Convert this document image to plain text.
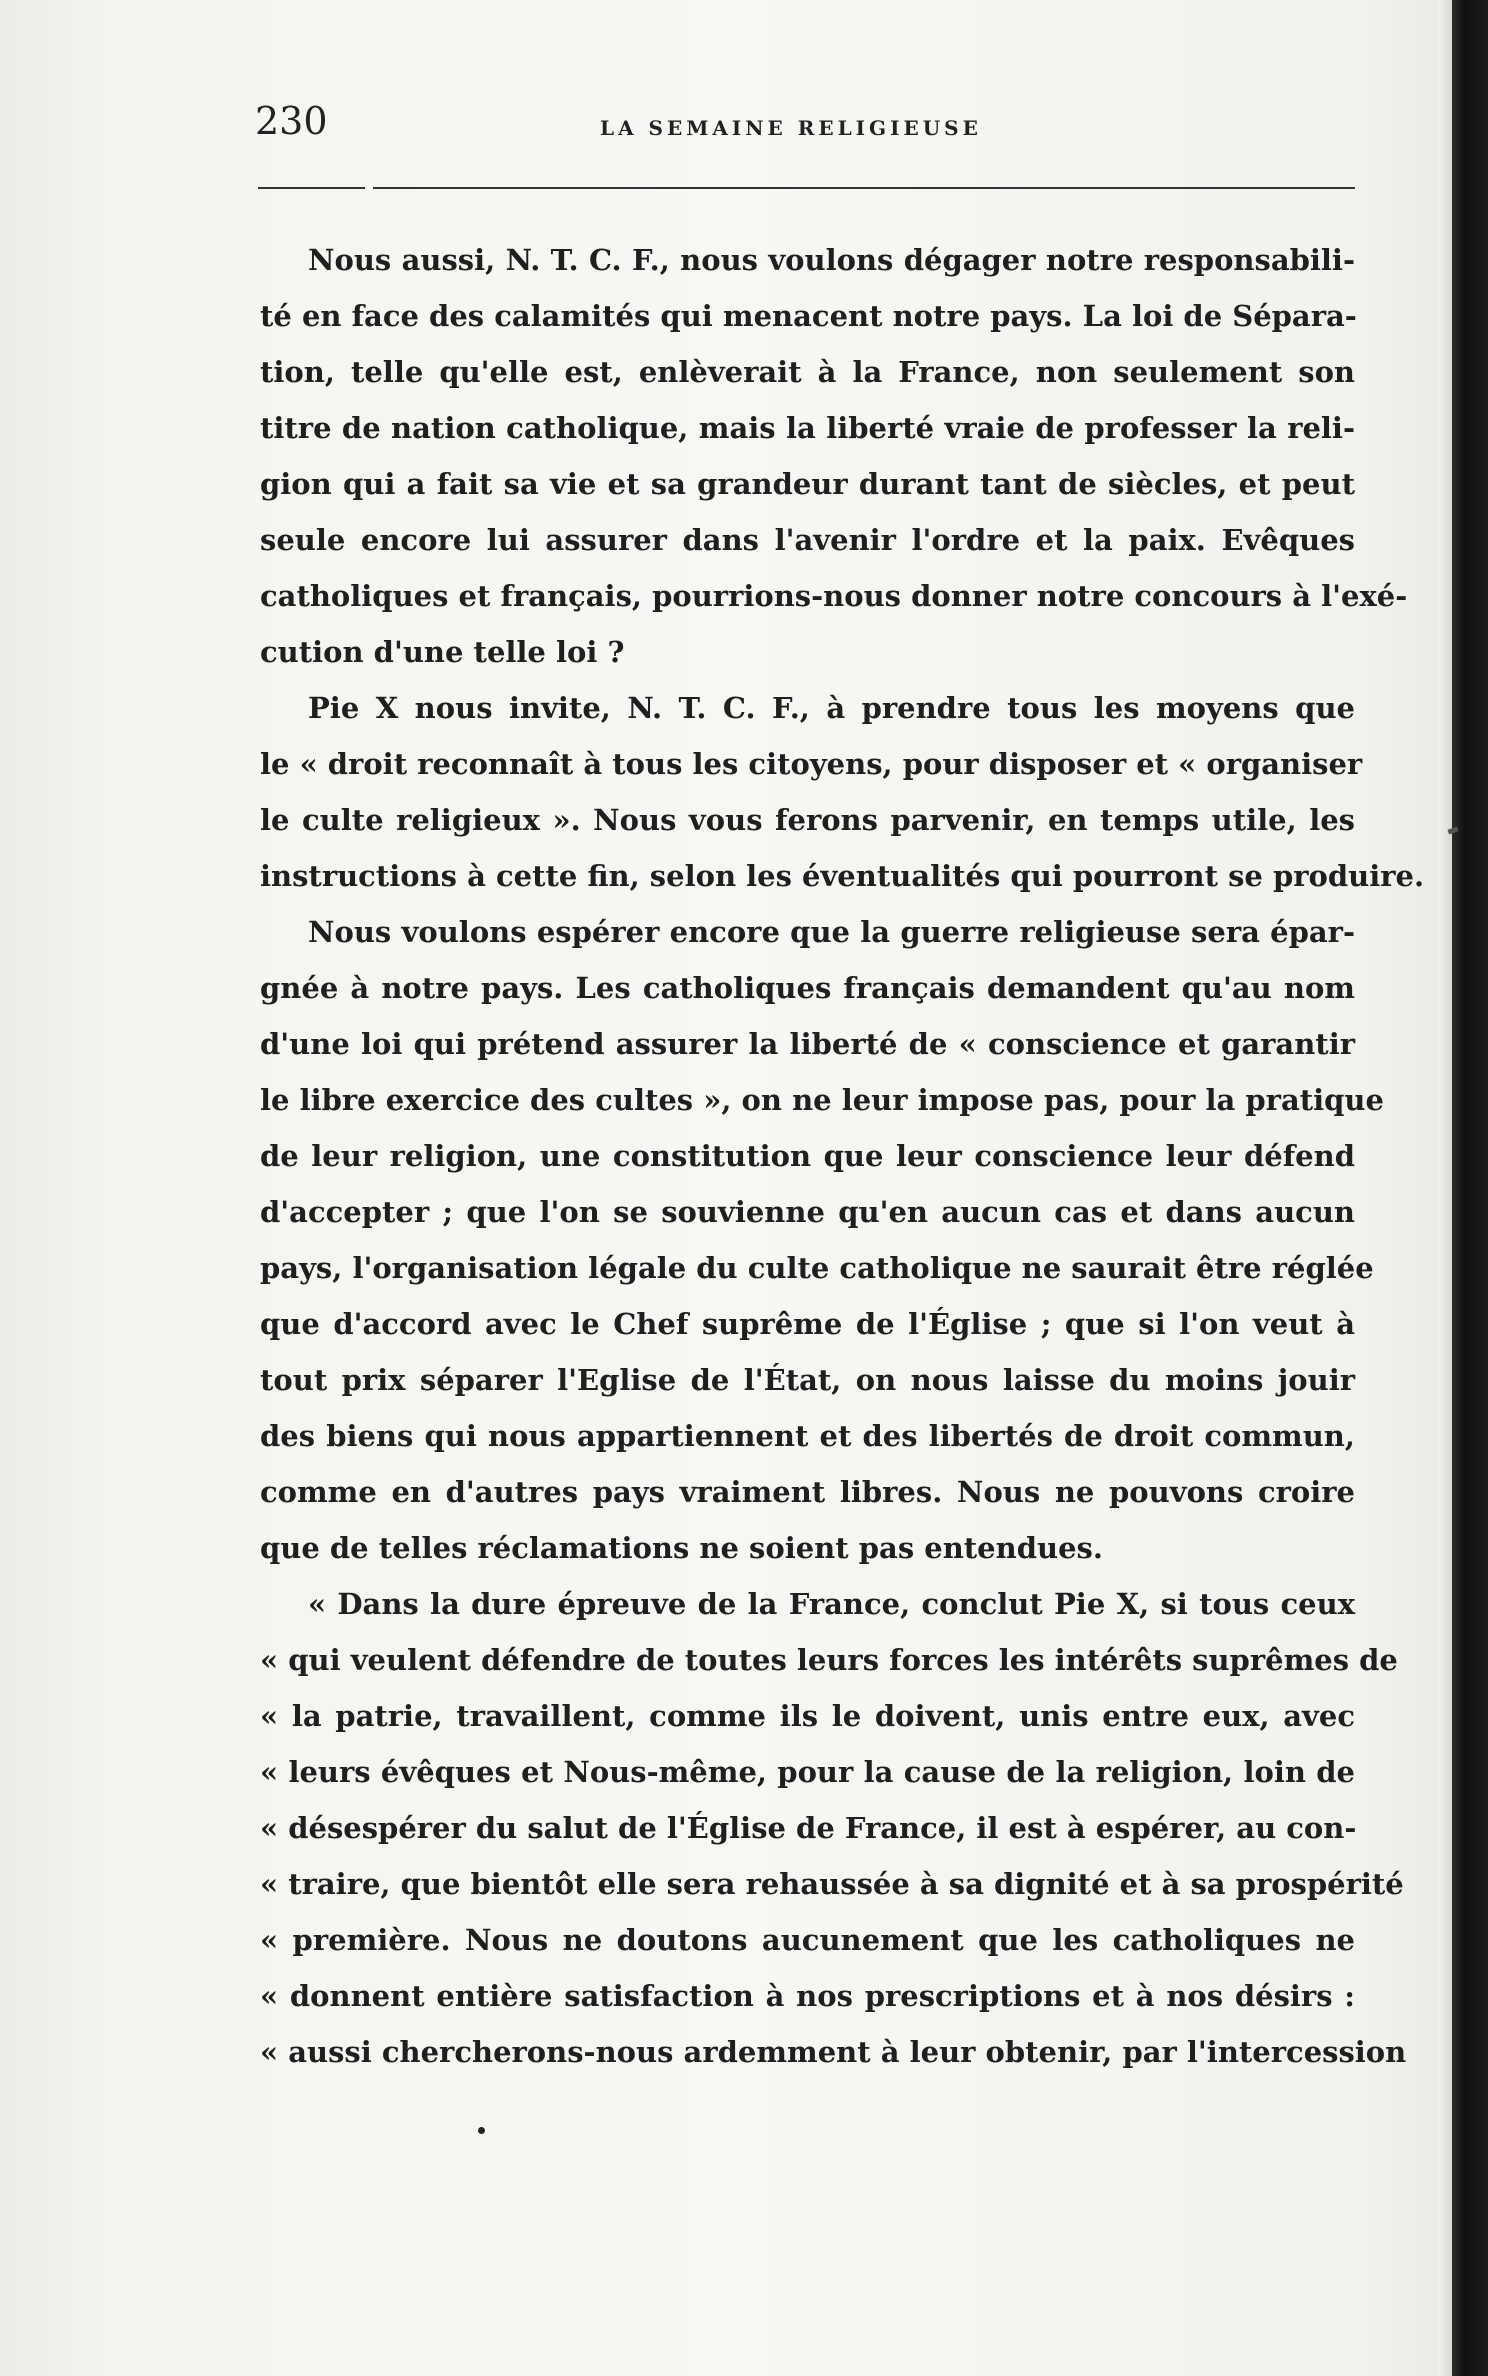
230	LA SEMAINE RELIGIEUSE

Nous aussi, N. T. C. F., nous voulons dégager notre responsabili-
té en face des calamités qui menacent notre pays. La loi de Sépara-
tion, telle qu'elle est, enlèverait à la France, non seulement son
titre de nation catholique, mais la liberté vraie de professer la reli-
gion qui a fait sa vie et sa grandeur durant tant de siècles, et peut
seule encore lui assurer dans l'avenir l'ordre et la paix. Evêques
catholiques et français, pourrions-nous donner notre concours à l'exé-
cution d'une telle loi ?

Pie X nous invite, N. T. C. F., à prendre tous les moyens que
le « droit reconnaît à tous les citoyens, pour disposer et « organiser
le culte religieux ». Nous vous ferons parvenir, en temps utile, les
instructions à cette fin, selon les éventualités qui pourront se produire.

Nous voulons espérer encore que la guerre religieuse sera épar-
gnée à notre pays. Les catholiques français demandent qu'au nom
d'une loi qui prétend assurer la liberté de « conscience et garantir
le libre exercice des cultes », on ne leur impose pas, pour la pratique
de leur religion, une constitution que leur conscience leur défend
d'accepter ; que l'on se souvienne qu'en aucun cas et dans aucun
pays, l'organisation légale du culte catholique ne saurait être réglée
que d'accord avec le Chef suprême de l'Église ; que si l'on veut à
tout prix séparer l'Eglise de l'État, on nous laisse du moins jouir
des biens qui nous appartiennent et des libertés de droit commun,
comme en d'autres pays vraiment libres. Nous ne pouvons croire
que de telles réclamations ne soient pas entendues.

« Dans la dure épreuve de la France, conclut Pie X, si tous ceux
« qui veulent défendre de toutes leurs forces les intérêts suprêmes de
« la patrie, travaillent, comme ils le doivent, unis entre eux, avec
« leurs évêques et Nous-même, pour la cause de la religion, loin de
« désespérer du salut de l'Église de France, il est à espérer, au con-
« traire, que bientôt elle sera rehaussée à sa dignité et à sa prospérité
« première. Nous ne doutons aucunement que les catholiques ne
« donnent entière satisfaction à nos prescriptions et à nos désirs :
« aussi chercherons-nous ardemment à leur obtenir, par l'intercession
